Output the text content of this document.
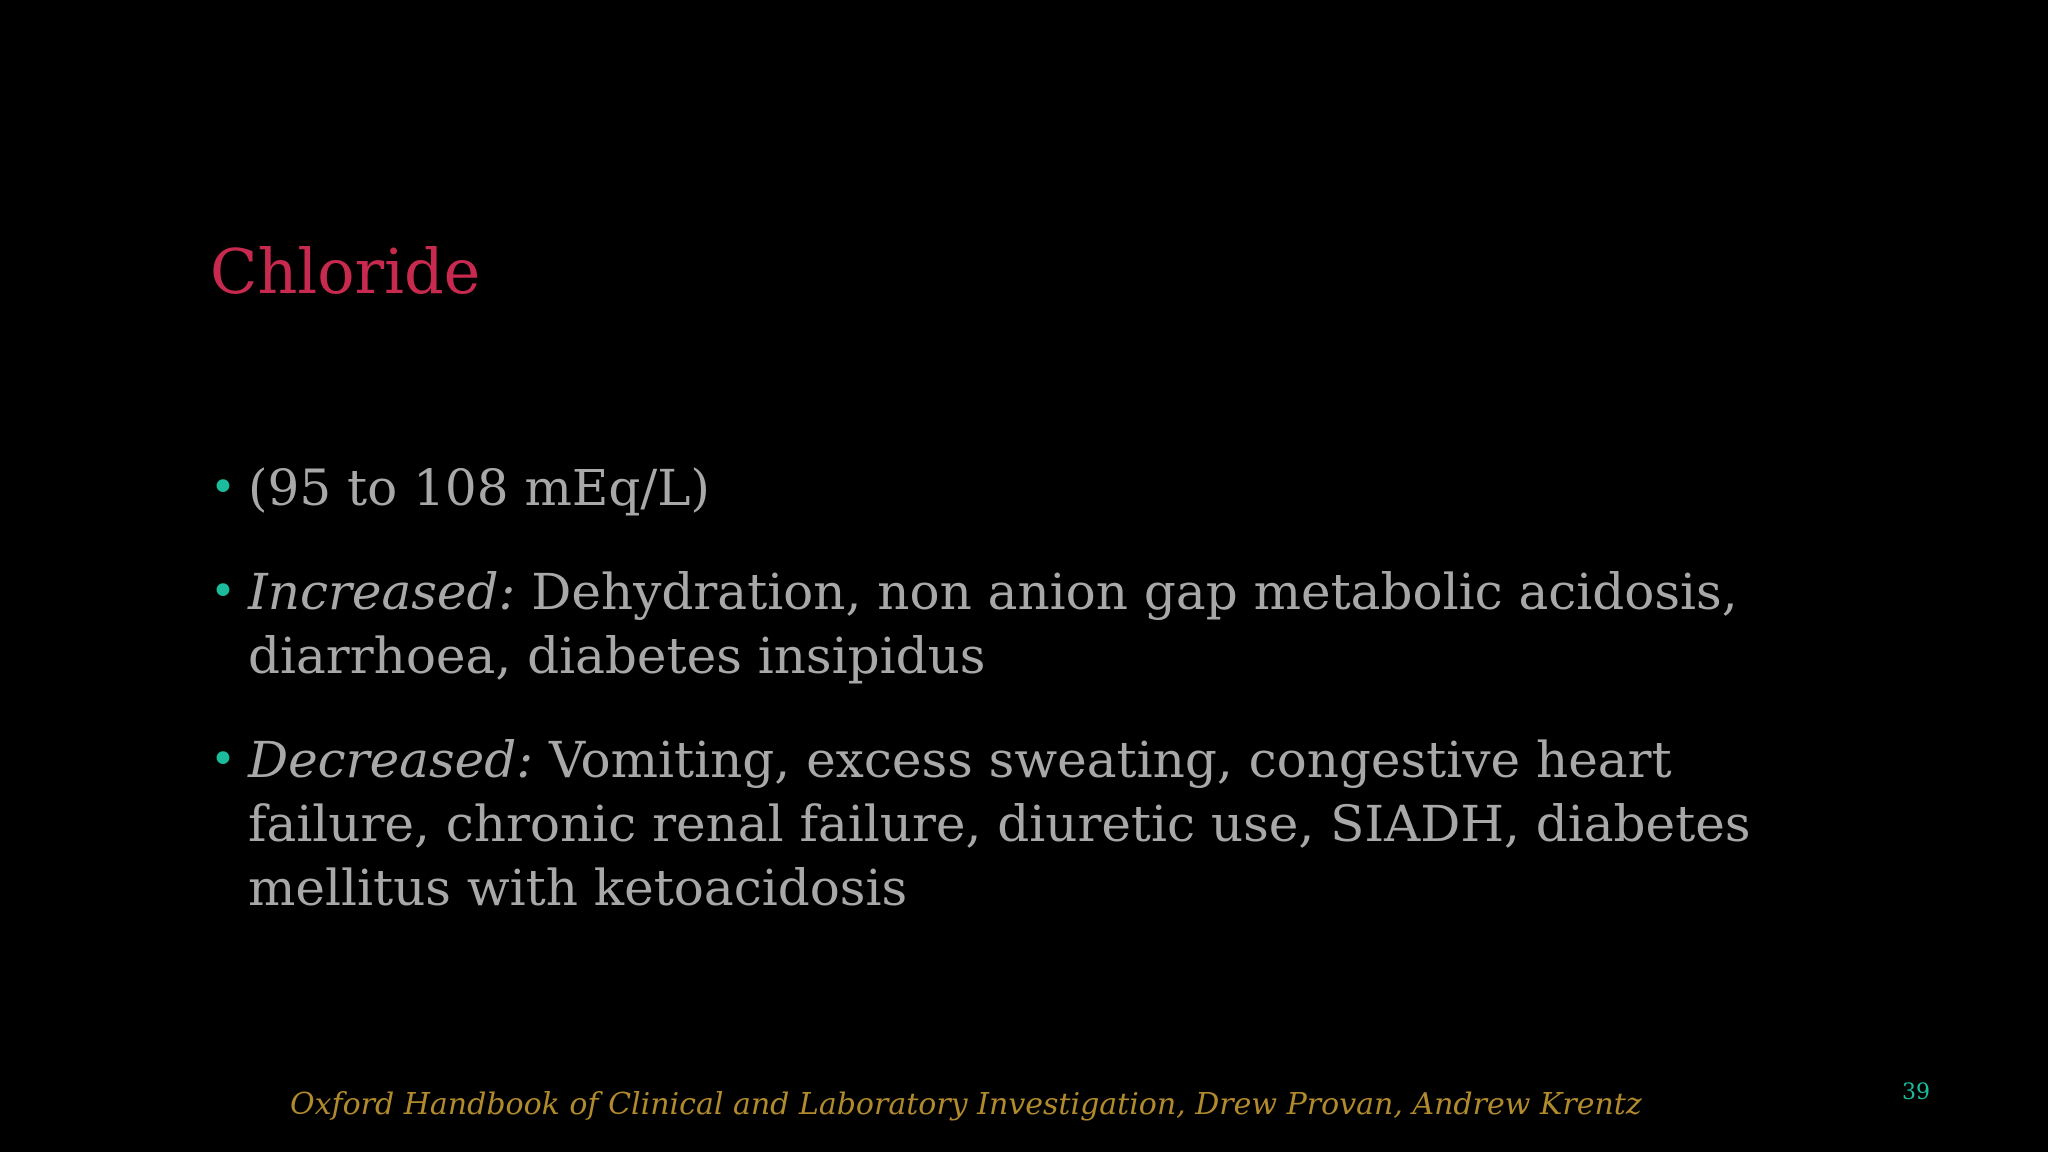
Chloride
• (95 to 108 mEq/L)
• Increased: Dehydration, non anion gap metabolic acidosis, diarrhoea, diabetes insipidus
• Decreased: Vomiting, excess sweating, congestive heart failure, chronic renal failure, diuretic use, SIADH, diabetes mellitus with ketoacidosis
Oxford Handbook of Clinical and Laboratory Investigation, Drew Provan, Andrew Krentz	39
